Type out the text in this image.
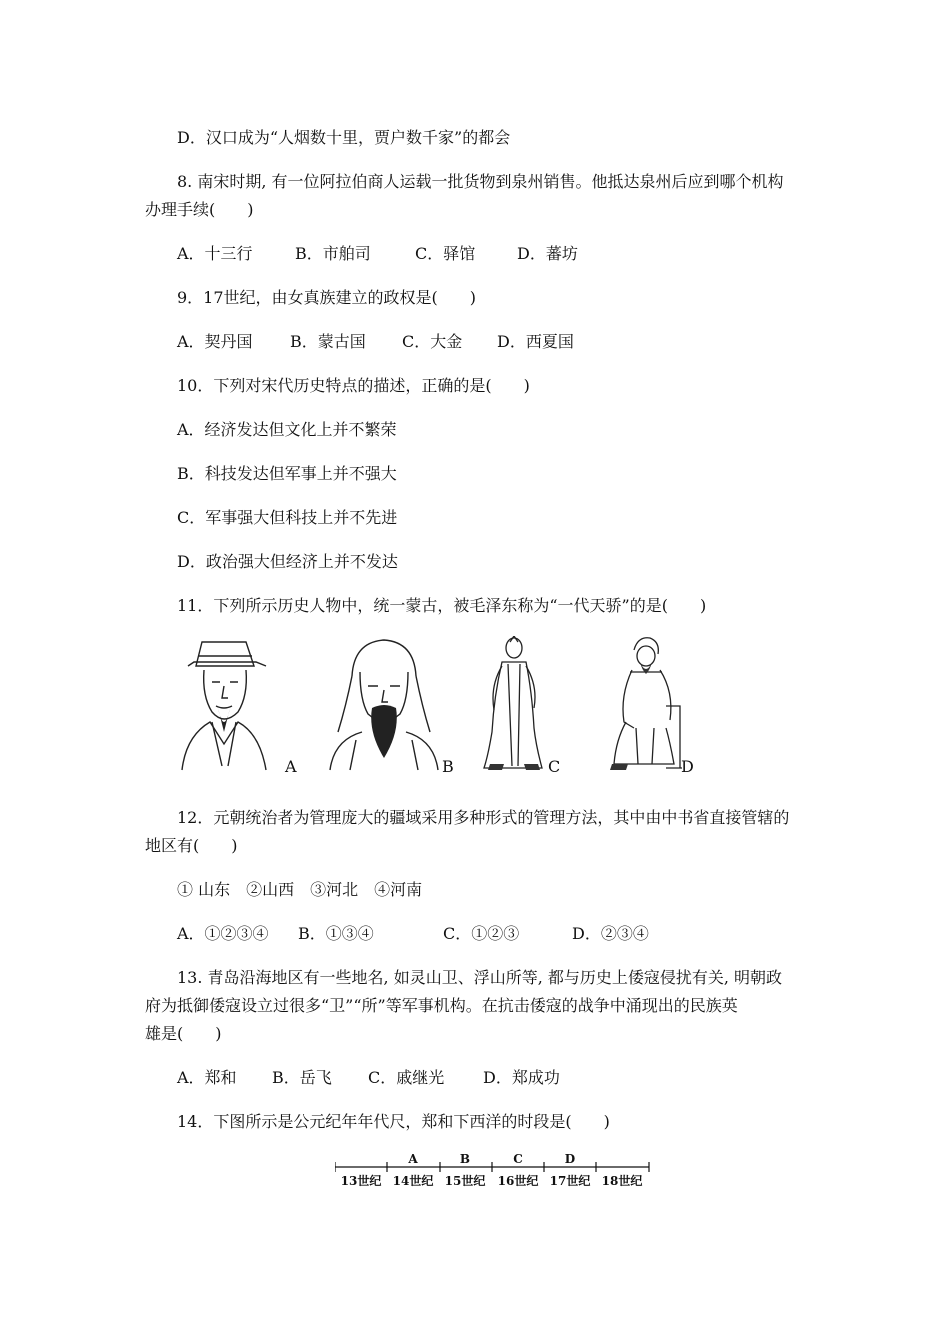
D．汉口成为“人烟数十里，贾户数千家”的都会
8. 南宋时期, 有一位阿拉伯商人运载一批货物到泉州销售。他抵达泉州后应到哪个机构
办理手续(　　)
A．十三行	B．市舶司	C．驿馆	D．蕃坊
9．17世纪，由女真族建立的政权是(　　)
A．契丹国 B．蒙古国 C．大金 D．西夏国
10．下列对宋代历史特点的描述，正确的是(　　)
A．经济发达但文化上并不繁荣
B．科技发达但军事上并不强大
C．军事强大但科技上并不先进
D．政治强大但经济上并不发达
11．下列所示历史人物中，统一蒙古，被毛泽东称为“一代天骄”的是(　　)
A	B	C	D
12．元朝统治者为管理庞大的疆域采用多种形式的管理方法，其中由中书省直接管辖的
地区有(　　)
① 山东　②山西　③河北　④河南
A．①②③④ B．①③④	C．①②③	D．②③④
13. 青岛沿海地区有一些地名, 如灵山卫、浮山所等, 都与历史上倭寇侵扰有关, 明朝政
府为抵御倭寇设立过很多“卫”“所”等军事机构。在抗击倭寇的战争中涌现出的民族英
雄是(　　)
A．郑和 B．岳飞 C．戚继光 D．郑成功
14．下图所示是公元纪年年代尺，郑和下西洋的时段是(　　)
A	B	C	D
13世纪 14世纪 15世纪 16世纪 17世纪 18世纪
